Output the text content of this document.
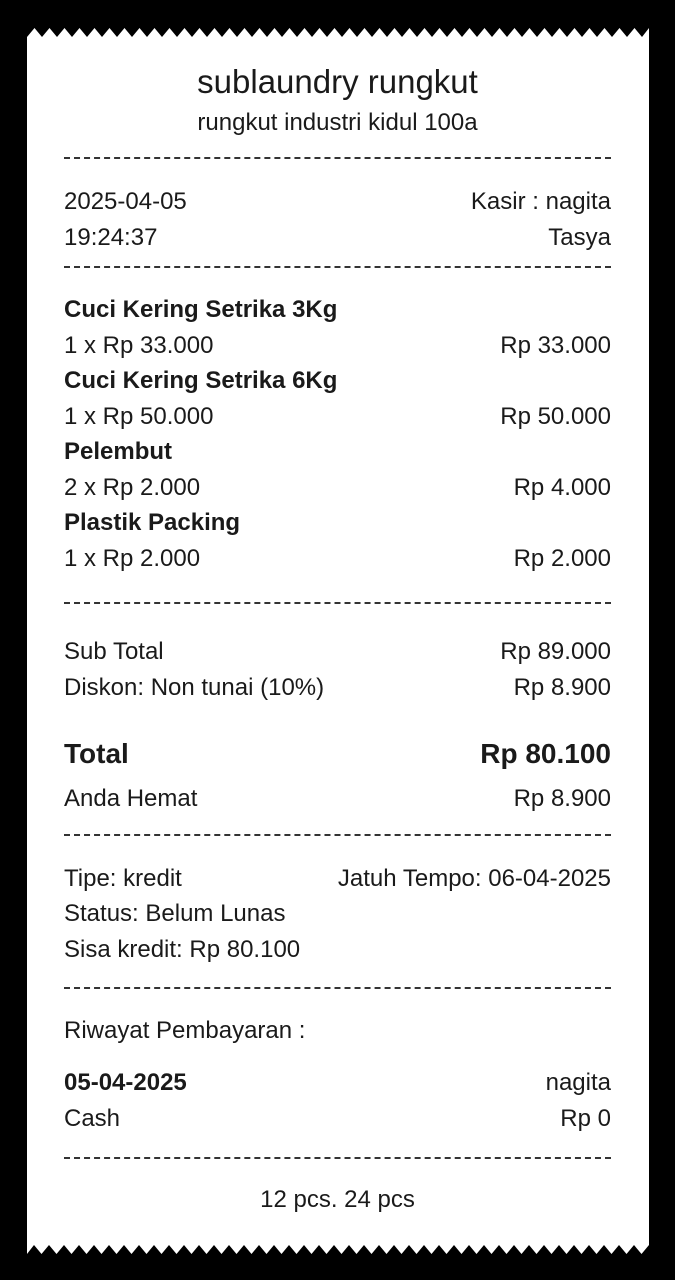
sublaundry rungkut
rungkut industri kidul 100a
2025-04-05	Kasir : nagita
19:24:37	Tasya
Cuci Kering Setrika 3Kg
1 x Rp 33.000	Rp 33.000
Cuci Kering Setrika 6Kg
1 x Rp 50.000	Rp 50.000
Pelembut
2 x Rp 2.000	Rp 4.000
Plastik Packing
1 x Rp 2.000	Rp 2.000
Sub Total	Rp 89.000
Diskon: Non tunai (10%)	Rp 8.900
Total	Rp 80.100
Anda Hemat	Rp 8.900
Tipe: kredit	Jatuh Tempo: 06-04-2025
Status: Belum Lunas
Sisa kredit: Rp 80.100
Riwayat Pembayaran :
05-04-2025	nagita
Cash	Rp 0
12 pcs. 24 pcs
